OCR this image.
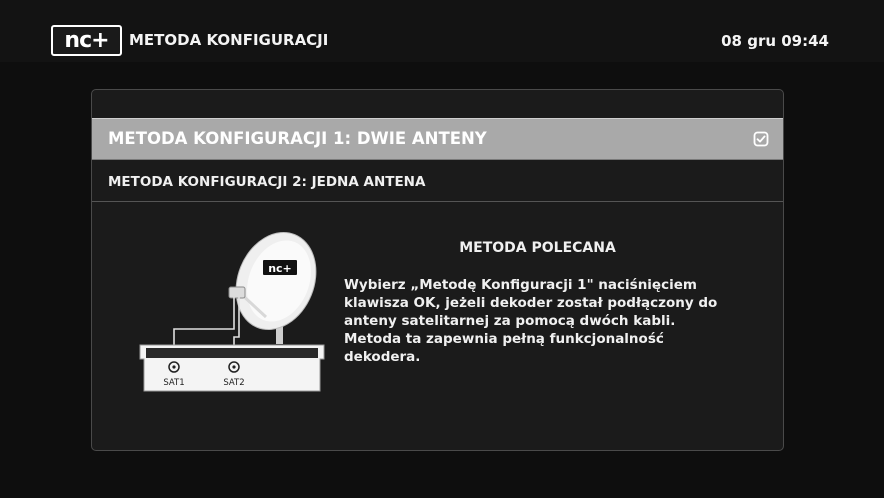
nc+	METODA KONFIGURACJI	08 gru 09:44
METODA KONFIGURACJI 1: DWIE ANTENY
METODA KONFIGURACJI 2: JEDNA ANTENA
nc+
SAT1	SAT2
METODA POLECANA
Wybierz „Metodę Konfiguracji 1" naciśnięciem
klawisza OK, jeżeli dekoder został podłączony do
anteny satelitarnej za pomocą dwóch kabli.
Metoda ta zapewnia pełną funkcjonalność
dekodera.
